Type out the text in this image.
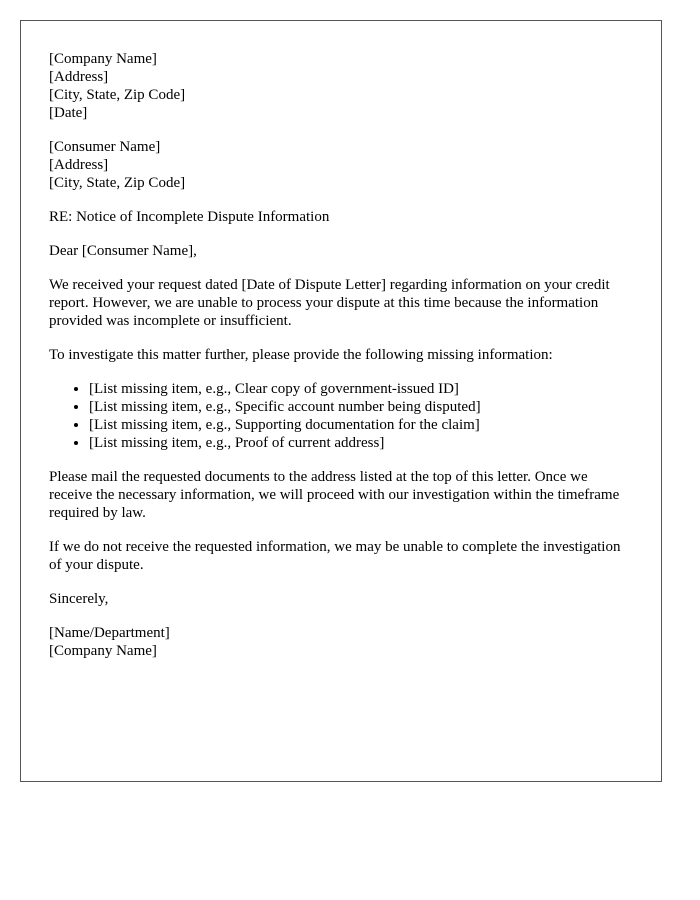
[Company Name]
[Address]
[City, State, Zip Code]
[Date]
[Consumer Name]
[Address]
[City, State, Zip Code]

RE: Notice of Incomplete Dispute Information

Dear [Consumer Name],

We received your request dated [Date of Dispute Letter] regarding information on your credit report. However, we are unable to process your dispute at this time because the information provided was incomplete or insufficient.

To investigate this matter further, please provide the following missing information:

• [List missing item, e.g., Clear copy of government-issued ID]
• [List missing item, e.g., Specific account number being disputed]
• [List missing item, e.g., Supporting documentation for the claim]
• [List missing item, e.g., Proof of current address]

Please mail the requested documents to the address listed at the top of this letter. Once we receive the necessary information, we will proceed with our investigation within the timeframe required by law.

If we do not receive the requested information, we may be unable to complete the investigation of your dispute.

Sincerely,

[Name/Department]
[Company Name]
